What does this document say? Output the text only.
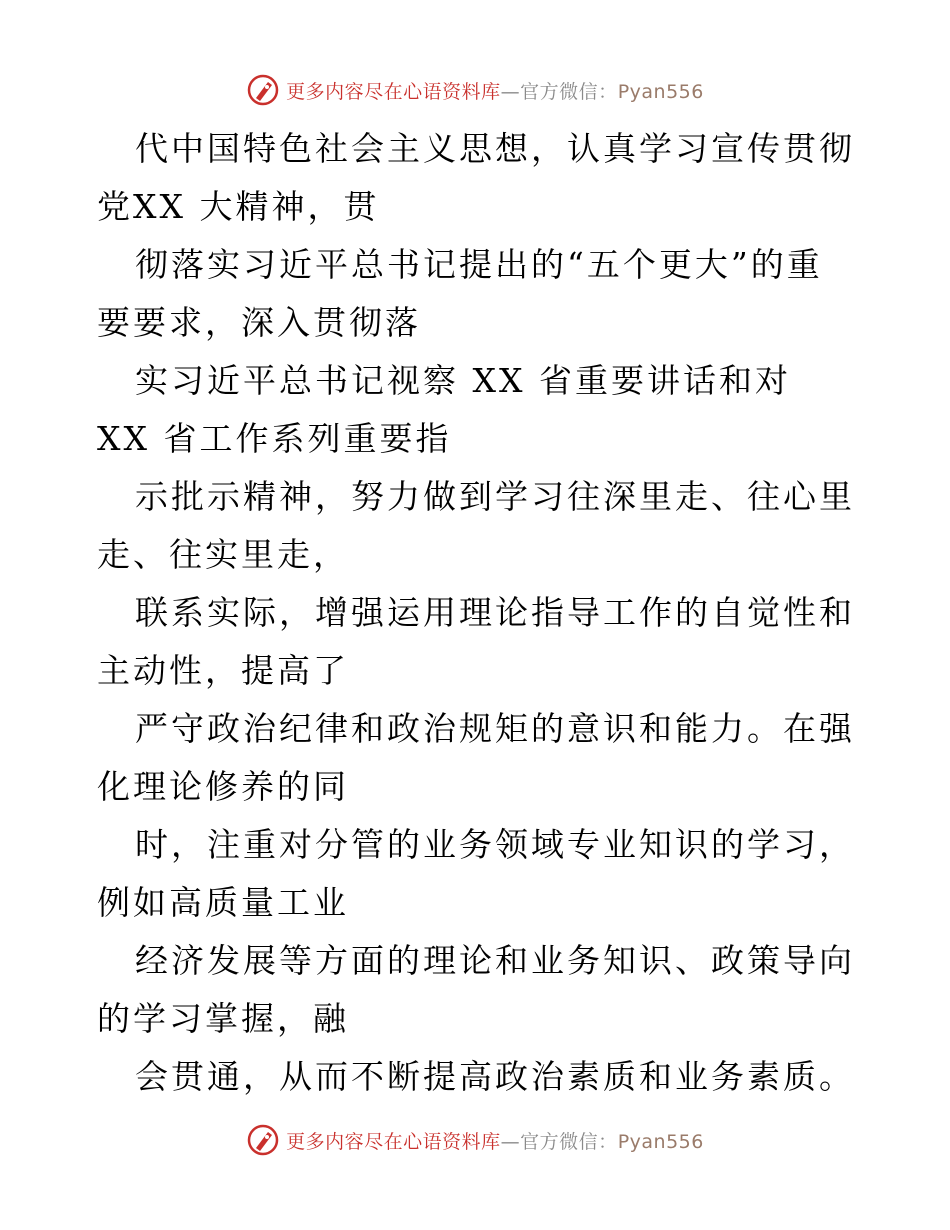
更多内容尽在心语资料库—官方微信：Pyan556

代中国特色社会主义思想，认真学习宣传贯彻党XX 大精神，贯

彻落实习近平总书记提出的“五个更大”的重要要求，深入贯彻落

实习近平总书记视察 XX 省重要讲话和对 XX 省工作系列重要指

示批示精神，努力做到学习往深里走、往心里走、往实里走，

联系实际，增强运用理论指导工作的自觉性和主动性，提高了

严守政治纪律和政治规矩的意识和能力。在强化理论修养的同

时，注重对分管的业务领域专业知识的学习，例如高质量工业

经济发展等方面的理论和业务知识、政策导向的学习掌握，融

会贯通，从而不断提高政治素质和业务素质。

更多内容尽在心语资料库—官方微信：Pyan556
